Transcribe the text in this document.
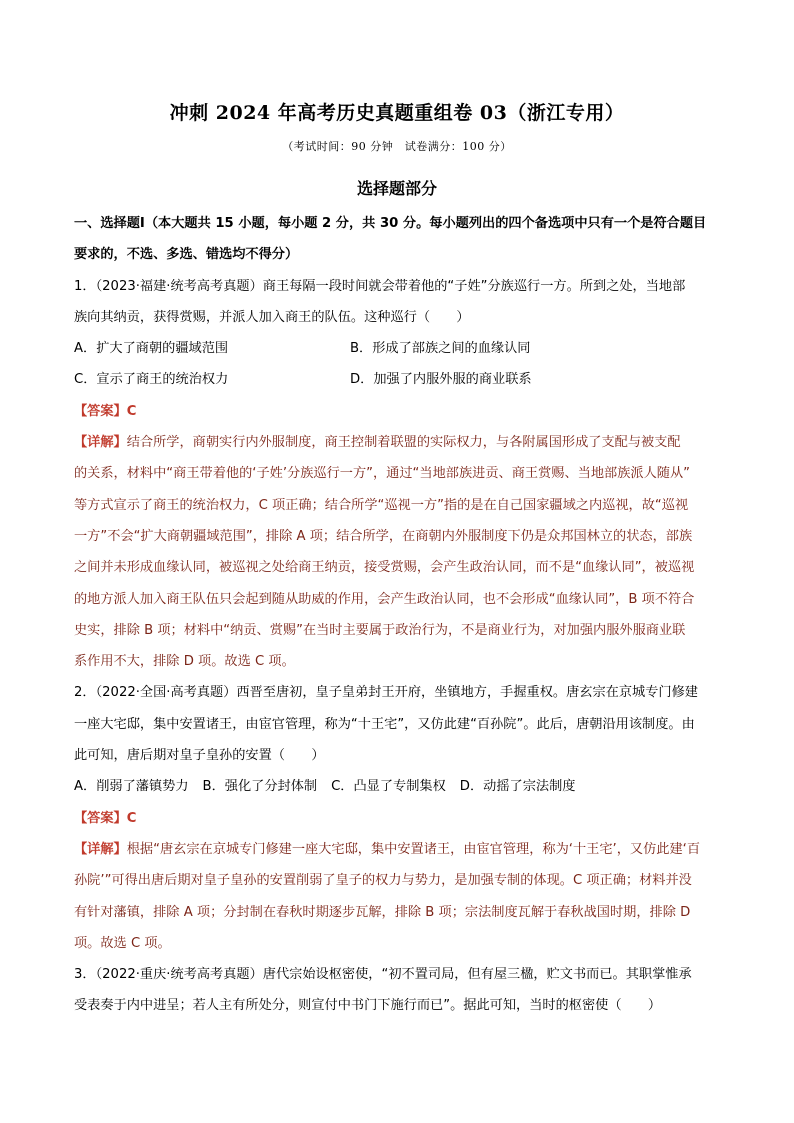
冲刺 2024 年高考历史真题重组卷 03（浙江专用）
（考试时间：90 分钟　试卷满分：100 分）
选择题部分
一、选择题Ⅰ（本大题共 15 小题，每小题 2 分，共 30 分。每小题列出的四个备选项中只有一个是符合题目
要求的，不选、多选、错选均不得分）
1．（2023·福建·统考高考真题）商王每隔一段时间就会带着他的“子姓”分族巡行一方。所到之处，当地部
族向其纳贡，获得赏赐，并派人加入商王的队伍。这种巡行（　　）
A．扩大了商朝的疆域范围	B．形成了部族之间的血缘认同
C．宣示了商王的统治权力	D．加强了内服外服的商业联系
【答案】C
【详解】结合所学，商朝实行内外服制度，商王控制着联盟的实际权力，与各附属国形成了支配与被支配
的关系，材料中“商王带着他的‘子姓’分族巡行一方”，通过“当地部族进贡、商王赏赐、当地部族派人随从”
等方式宣示了商王的统治权力，C 项正确；结合所学“巡视一方”指的是在自己国家疆域之内巡视，故“巡视
一方”不会“扩大商朝疆域范围”，排除 A 项；结合所学，在商朝内外服制度下仍是众邦国林立的状态，部族
之间并未形成血缘认同，被巡视之处给商王纳贡，接受赏赐，会产生政治认同，而不是“血缘认同”，被巡视
的地方派人加入商王队伍只会起到随从助威的作用，会产生政治认同，也不会形成“血缘认同”，B 项不符合
史实，排除 B 项；材料中“纳贡、赏赐”在当时主要属于政治行为，不是商业行为，对加强内服外服商业联
系作用不大，排除 D 项。故选 C 项。
2．（2022·全国·高考真题）西晋至唐初，皇子皇弟封王开府，坐镇地方，手握重权。唐玄宗在京城专门修建
一座大宅邸，集中安置诸王，由宦官管理，称为“十王宅”，又仿此建“百孙院”。此后，唐朝沿用该制度。由
此可知，唐后期对皇子皇孙的安置（　　）
A．削弱了藩镇势力 B．强化了分封体制 C．凸显了专制集权 D．动摇了宗法制度
【答案】C
【详解】根据“唐玄宗在京城专门修建一座大宅邸，集中安置诸王，由宦官管理，称为‘十王宅’，又仿此建‘百
孙院’”可得出唐后期对皇子皇孙的安置削弱了皇子的权力与势力，是加强专制的体现。C 项正确；材料并没
有针对藩镇，排除 A 项；分封制在春秋时期逐步瓦解，排除 B 项；宗法制度瓦解于春秋战国时期，排除 D
项。故选 C 项。
3．（2022·重庆·统考高考真题）唐代宗始设枢密使，“初不置司局，但有屋三楹，贮文书而已。其职掌惟承
受表奏于内中进呈；若人主有所处分，则宣付中书门下施行而已”。据此可知，当时的枢密使（　　）
